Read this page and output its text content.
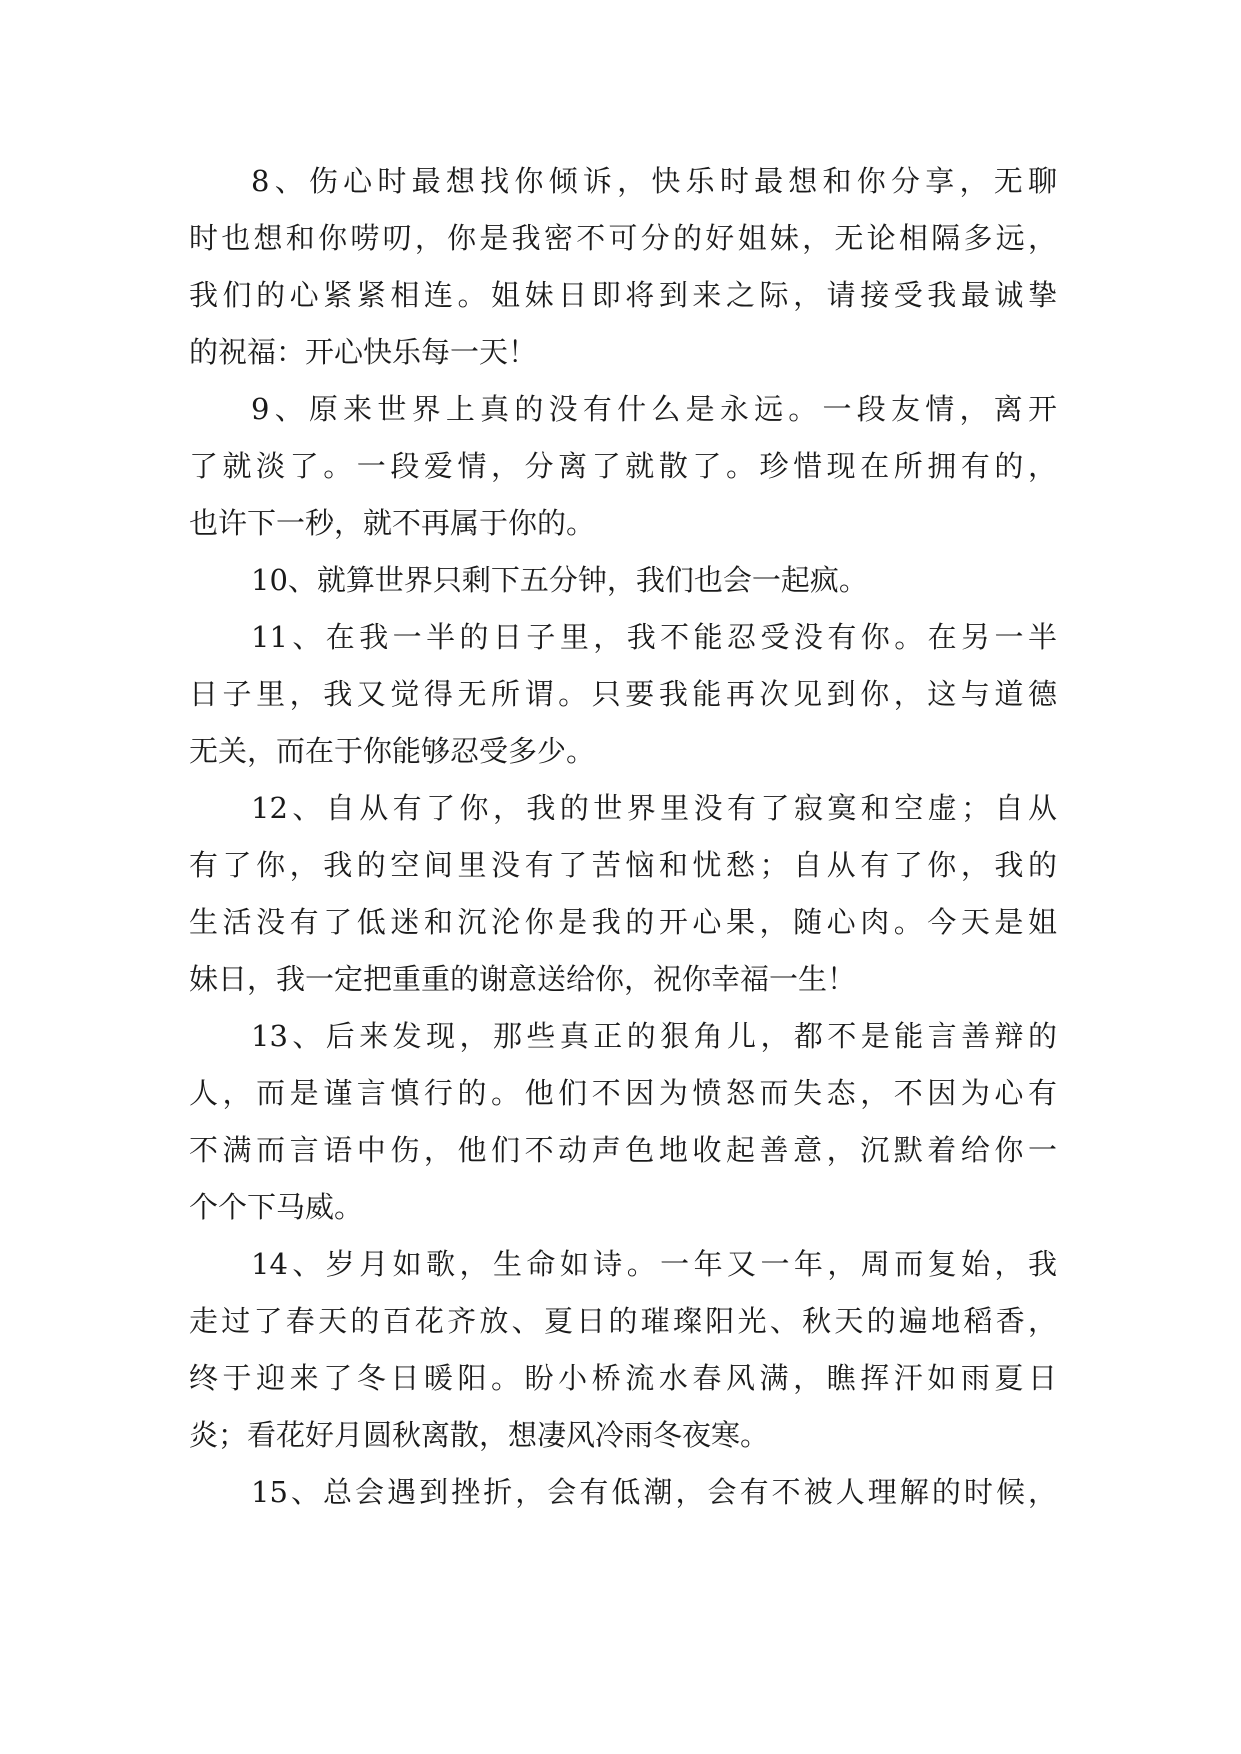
8、伤心时最想找你倾诉，快乐时最想和你分享，无聊
时也想和你唠叨，你是我密不可分的好姐妹，无论相隔多远，
我们的心紧紧相连。姐妹日即将到来之际，请接受我最诚挚
的祝福：开心快乐每一天！
9、原来世界上真的没有什么是永远。一段友情，离开
了就淡了。一段爱情，分离了就散了。珍惜现在所拥有的，
也许下一秒，就不再属于你的。
10、就算世界只剩下五分钟，我们也会一起疯。
11、在我一半的日子里，我不能忍受没有你。在另一半
日子里，我又觉得无所谓。只要我能再次见到你，这与道德
无关，而在于你能够忍受多少。
12、自从有了你，我的世界里没有了寂寞和空虚；自从
有了你，我的空间里没有了苦恼和忧愁；自从有了你，我的
生活没有了低迷和沉沦你是我的开心果，随心肉。今天是姐
妹日，我一定把重重的谢意送给你，祝你幸福一生！
13、后来发现，那些真正的狠角儿，都不是能言善辩的
人，而是谨言慎行的。他们不因为愤怒而失态，不因为心有
不满而言语中伤，他们不动声色地收起善意，沉默着给你一
个个下马威。
14、岁月如歌，生命如诗。一年又一年，周而复始，我
走过了春天的百花齐放、夏日的璀璨阳光、秋天的遍地稻香，
终于迎来了冬日暖阳。盼小桥流水春风满，瞧挥汗如雨夏日
炎；看花好月圆秋离散，想凄风冷雨冬夜寒。
15、总会遇到挫折，会有低潮，会有不被人理解的时候，
